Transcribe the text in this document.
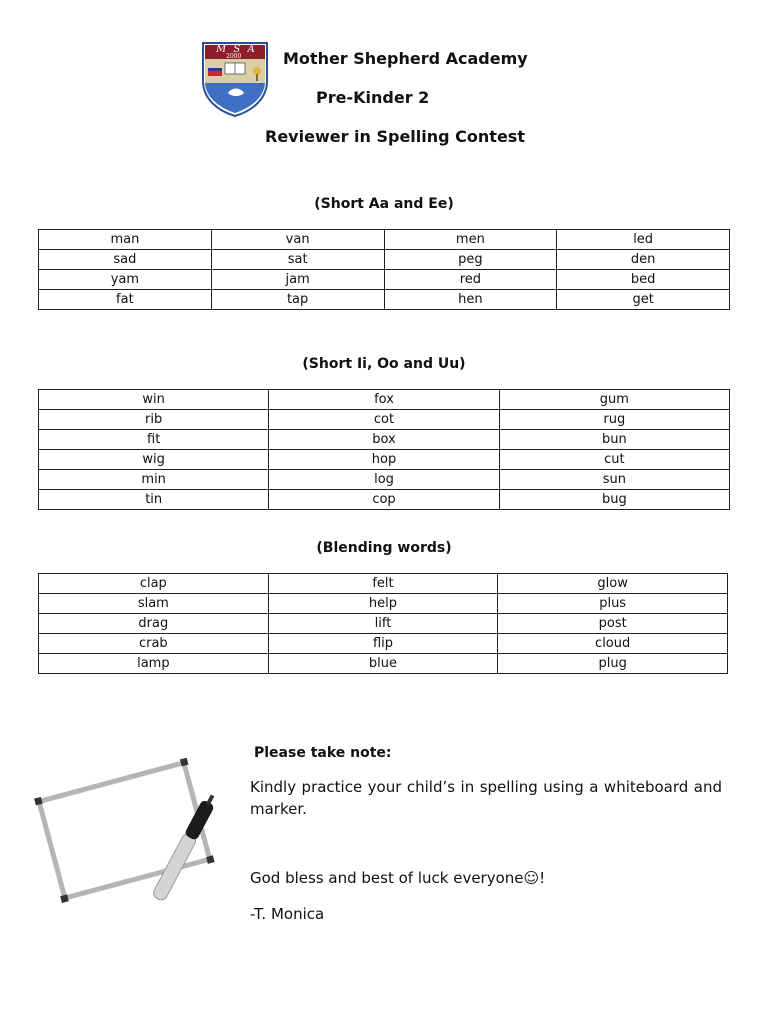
M S A
2000	Mother Shepherd Academy
Pre-Kinder 2
Reviewer in Spelling Contest
(Short Aa and Ee)
man	van	men	led
sad	sat	peg	den
yam	jam	red	bed
fat	tap	hen	get
(Short Ii, Oo and Uu)
win	fox	gum
rib	cot	rug
fit	box	bun
wig	hop	cut
min	log	sun
tin	cop	bug
(Blending words)
clap	felt	glow
slam	help	plus
drag	lift	post
crab	flip	cloud
lamp	blue	plug
Please take note:
Kindly practice your child’s in spelling using a whiteboard and marker.
God bless and best of luck everyone☺!
-T. Monica
